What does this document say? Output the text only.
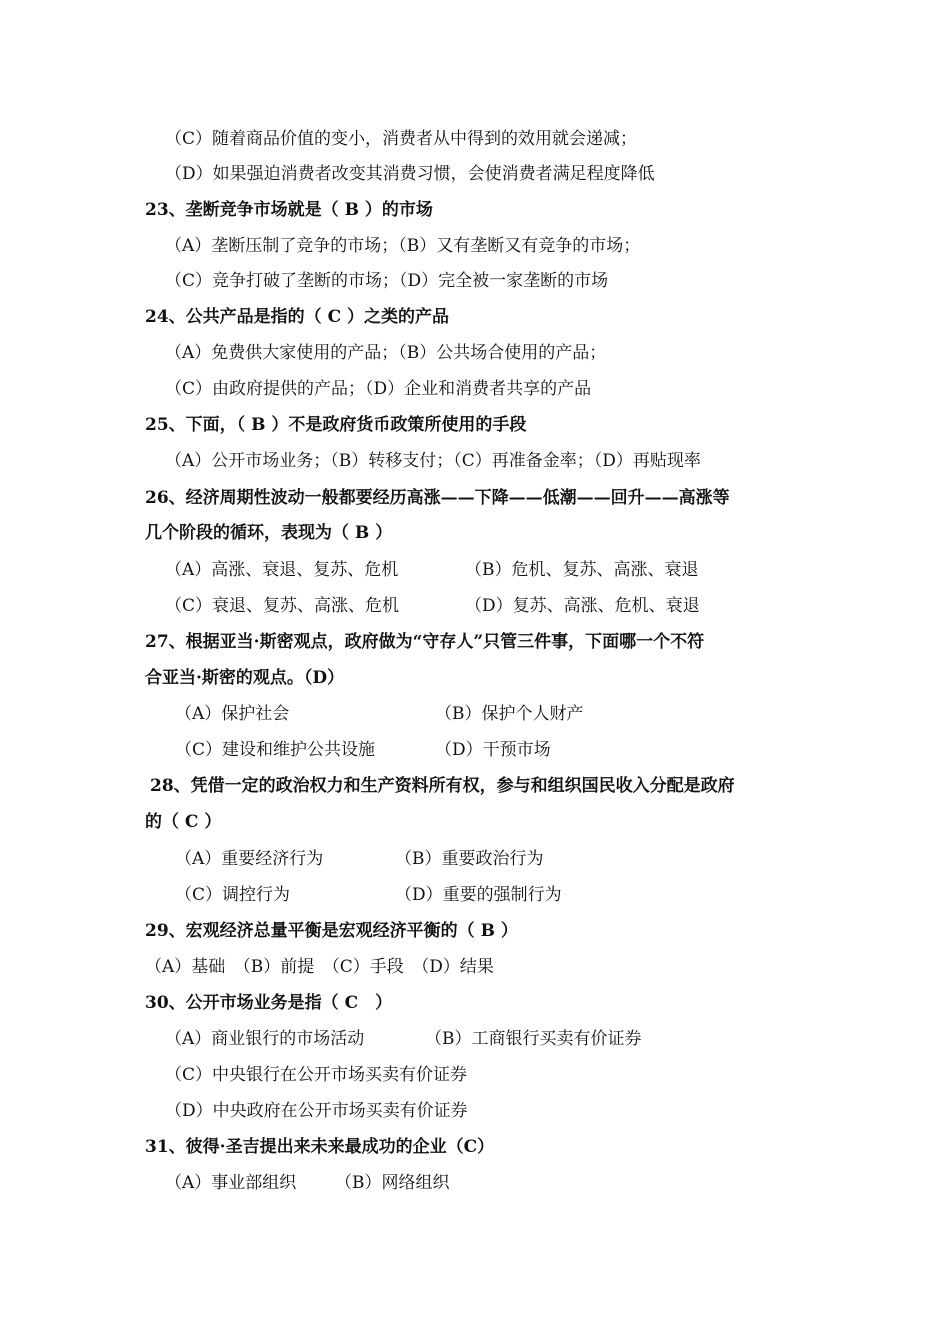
（C）随着商品价值的变小，消费者从中得到的效用就会递减；
（D）如果强迫消费者改变其消费习惯，会使消费者满足程度降低
23、垄断竞争市场就是（ B ）的市场
（A）垄断压制了竞争的市场；（B）又有垄断又有竞争的市场；
（C）竞争打破了垄断的市场；（D）完全被一家垄断的市场
24、公共产品是指的（ C ）之类的产品
（A）免费供大家使用的产品；（B）公共场合使用的产品；
（C）由政府提供的产品；（D）企业和消费者共享的产品
25、下面，（ B ）不是政府货币政策所使用的手段
（A）公开市场业务；（B）转移支付；（C）再准备金率；（D）再贴现率
26、经济周期性波动一般都要经历高涨——下降——低潮——回升——高涨等
几个阶段的循环，表现为（ B ）
（A）高涨、衰退、复苏、危机	（B）危机、复苏、高涨、衰退
（C）衰退、复苏、高涨、危机	（D）复苏、高涨、危机、衰退
27、根据亚当·斯密观点，政府做为“守存人”只管三件事，下面哪一个不符
合亚当·斯密的观点。（D）
（A）保护社会	（B）保护个人财产
（C）建设和维护公共设施	（D）干预市场
28、凭借一定的政治权力和生产资料所有权，参与和组织国民收入分配是政府
的（ C ）
（A）重要经济行为	（B）重要政治行为
（C）调控行为	（D）重要的强制行为
29、宏观经济总量平衡是宏观经济平衡的（ B ）
（A）基础　（B）前提　（C）手段　（D）结果
30、公开市场业务是指（ C　）
（A）商业银行的市场活动	（B）工商银行买卖有价证券
（C）中央银行在公开市场买卖有价证券
（D）中央政府在公开市场买卖有价证券
31、彼得·圣吉提出来未来最成功的企业（C）
（A）事业部组织 （B）网络组织
